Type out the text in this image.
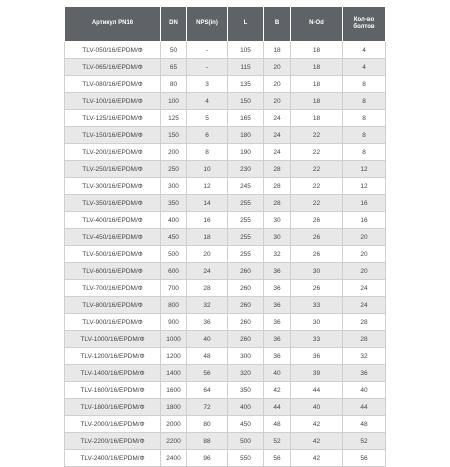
Артикул PN16	DN	NPS(in)	L	B	N-Od	Кол-во болтов
TLV-050/16/EPDM/Ф	50	-	105	18	18	4
TLV-065/16/EPDM/Ф	65	-	115	20	18	4
TLV-080/16/EPDM/Ф	80	3	135	20	18	8
TLV-100/16/EPDM/Ф	100	4	150	20	18	8
TLV-125/16/EPDM/Ф	125	5	165	24	18	8
TLV-150/16/EPDM/Ф	150	6	180	24	22	8
TLV-200/16/EPDM/Ф	200	8	190	24	22	8
TLV-250/16/EPDM/Ф	250	10	230	28	22	12
TLV-300/16/EPDM/Ф	300	12	245	28	22	12
TLV-350/16/EPDM/Ф	350	14	255	28	22	16
TLV-400/16/EPDM/Ф	400	16	255	30	26	16
TLV-450/16/EPDM/Ф	450	18	255	30	26	20
TLV-500/16/EPDM/Ф	500	20	255	32	26	20
TLV-600/16/EPDM/Ф	600	24	260	36	30	20
TLV-700/16/EPDM/Ф	700	28	260	36	26	24
TLV-800/16/EPDM/Ф	800	32	260	36	33	24
TLV-900/16/EPDM/Ф	900	36	260	36	30	28
TLV-1000/16/EPDM/Ф	1000	40	260	36	33	28
TLV-1200/16/EPDM/Ф	1200	48	300	36	36	32
TLV-1400/16/EPDM/Ф	1400	56	320	40	39	36
TLV-1600/16/EPDM/Ф	1600	64	350	42	44	40
TLV-1800/16/EPDM/Ф	1800	72	400	44	40	44
TLV-2000/16/EPDM/Ф	2000	80	450	48	42	48
TLV-2200/16/EPDM/Ф	2200	88	500	52	42	52
TLV-2400/16/EPDM/Ф	2400	96	550	56	42	56
